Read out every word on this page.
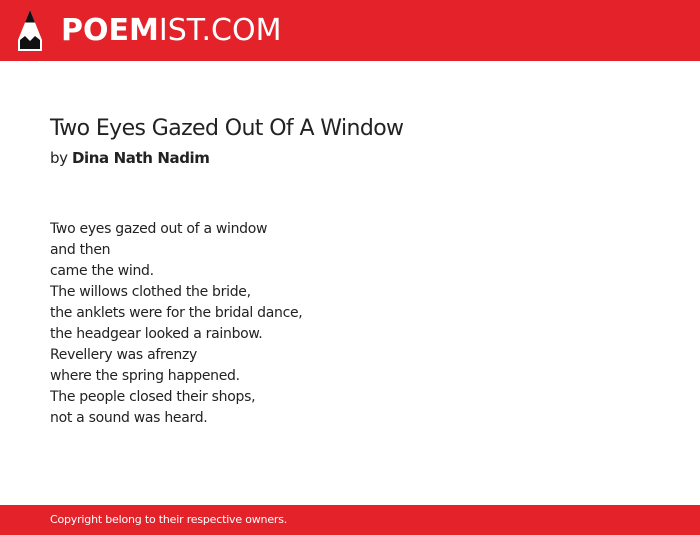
POEMIST.COM
Two Eyes Gazed Out Of A Window
by Dina Nath Nadim
Two eyes gazed out of a window
and then
came the wind.
The willows clothed the bride,
the anklets were for the bridal dance,
the headgear looked a rainbow.
Revellery was afrenzy
where the spring happened.
The people closed their shops,
not a sound was heard.
Copyright belong to their respective owners.
